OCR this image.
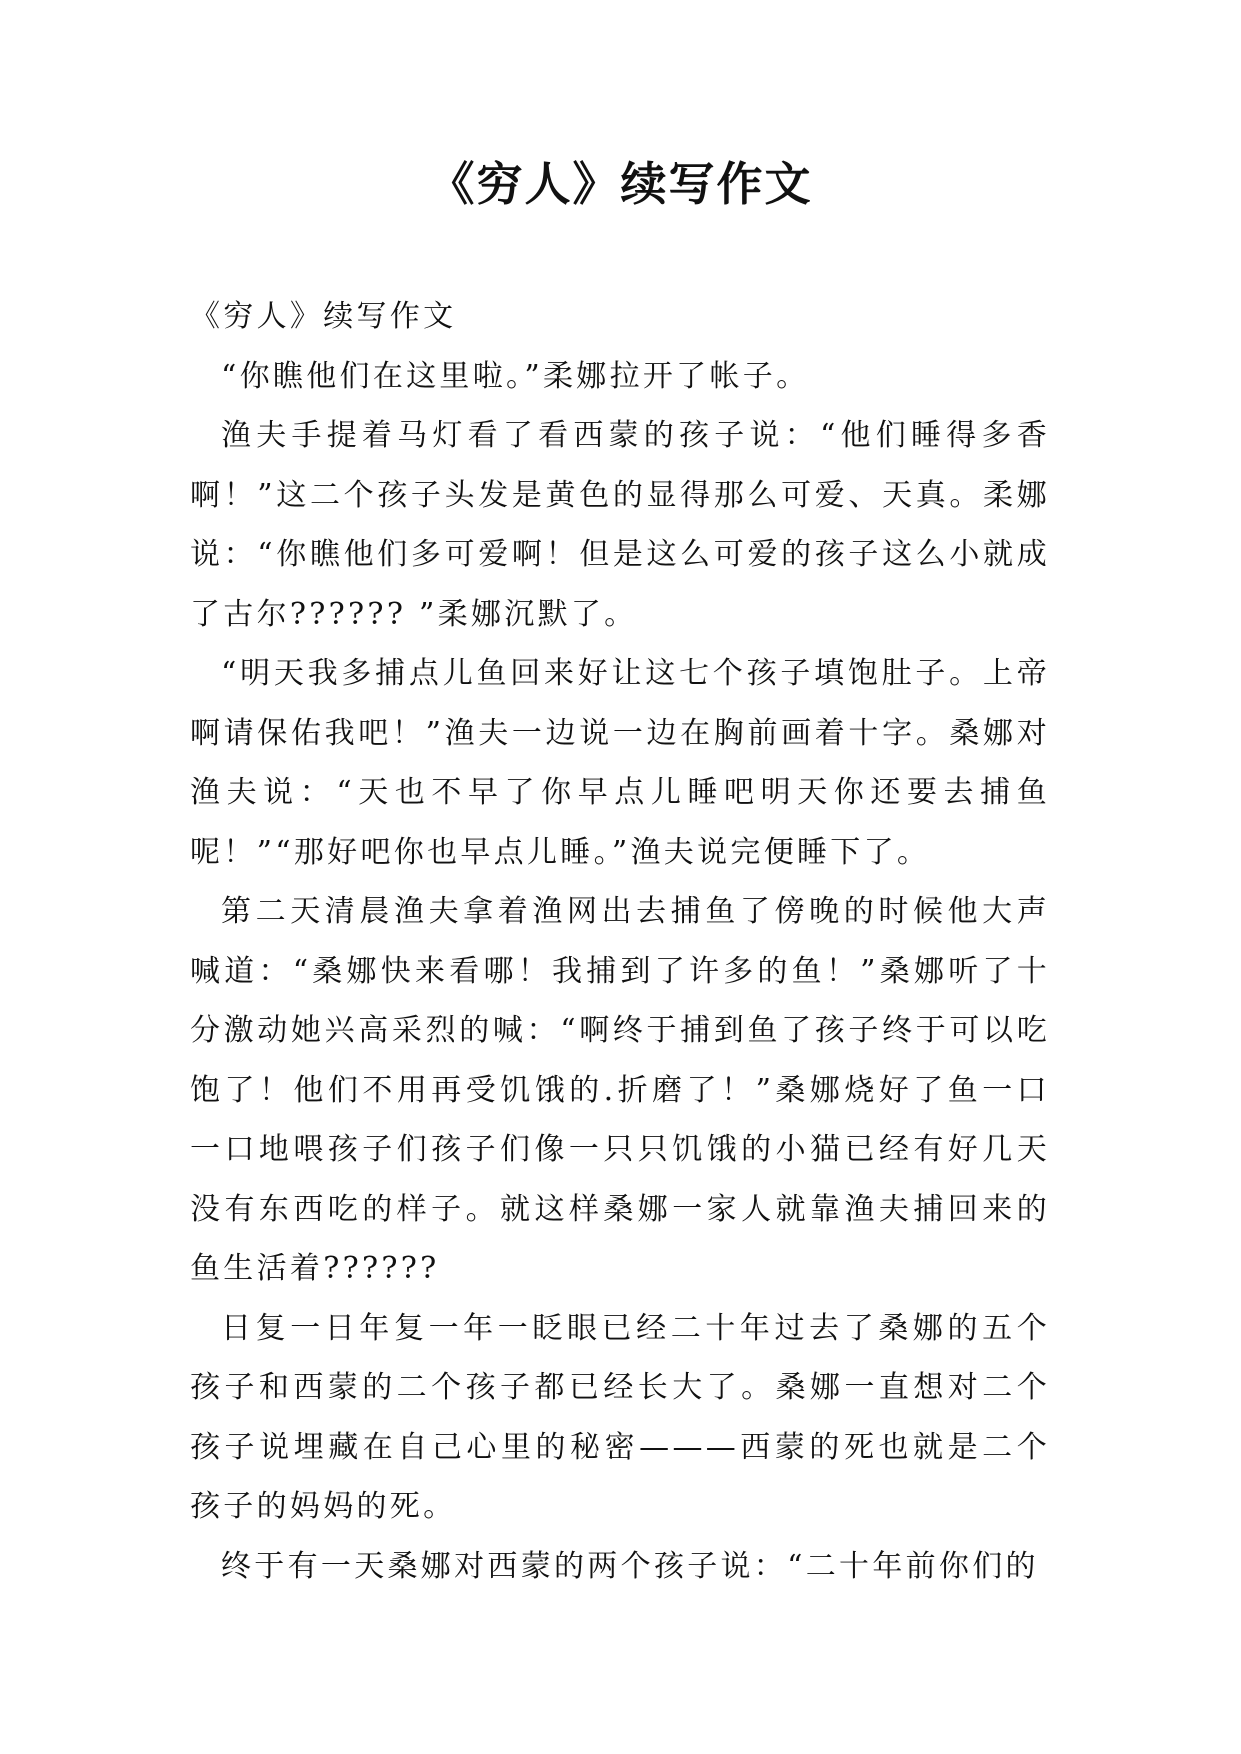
《穷人》续写作文

《穷人》续写作文

“你瞧他们在这里啦。”柔娜拉开了帐子。

渔夫手提着马灯看了看西蒙的孩子说：“他们睡得多香啊！”这二个孩子头发是黄色的显得那么可爱、天真。柔娜说：“你瞧他们多可爱啊！但是这么可爱的孩子这么小就成了古尔?????? ”柔娜沉默了。

“明天我多捕点儿鱼回来好让这七个孩子填饱肚子。上帝啊请保佑我吧！”渔夫一边说一边在胸前画着十字。桑娜对渔夫说：“天也不早了你早点儿睡吧明天你还要去捕鱼呢！”“那好吧你也早点儿睡。”渔夫说完便睡下了。

第二天清晨渔夫拿着渔网出去捕鱼了傍晚的时候他大声喊道：“桑娜快来看哪！我捕到了许多的鱼！”桑娜听了十分激动她兴高采烈的喊：“啊终于捕到鱼了孩子终于可以吃饱了！他们不用再受饥饿的.折磨了！”桑娜烧好了鱼一口一口地喂孩子们孩子们像一只只饥饿的小猫已经有好几天没有东西吃的样子。就这样桑娜一家人就靠渔夫捕回来的鱼生活着??????

日复一日年复一年一眨眼已经二十年过去了桑娜的五个孩子和西蒙的二个孩子都已经长大了。桑娜一直想对二个孩子说埋藏在自己心里的秘密———西蒙的死也就是二个孩子的妈妈的死。

终于有一天桑娜对西蒙的两个孩子说：“二十年前你们的
